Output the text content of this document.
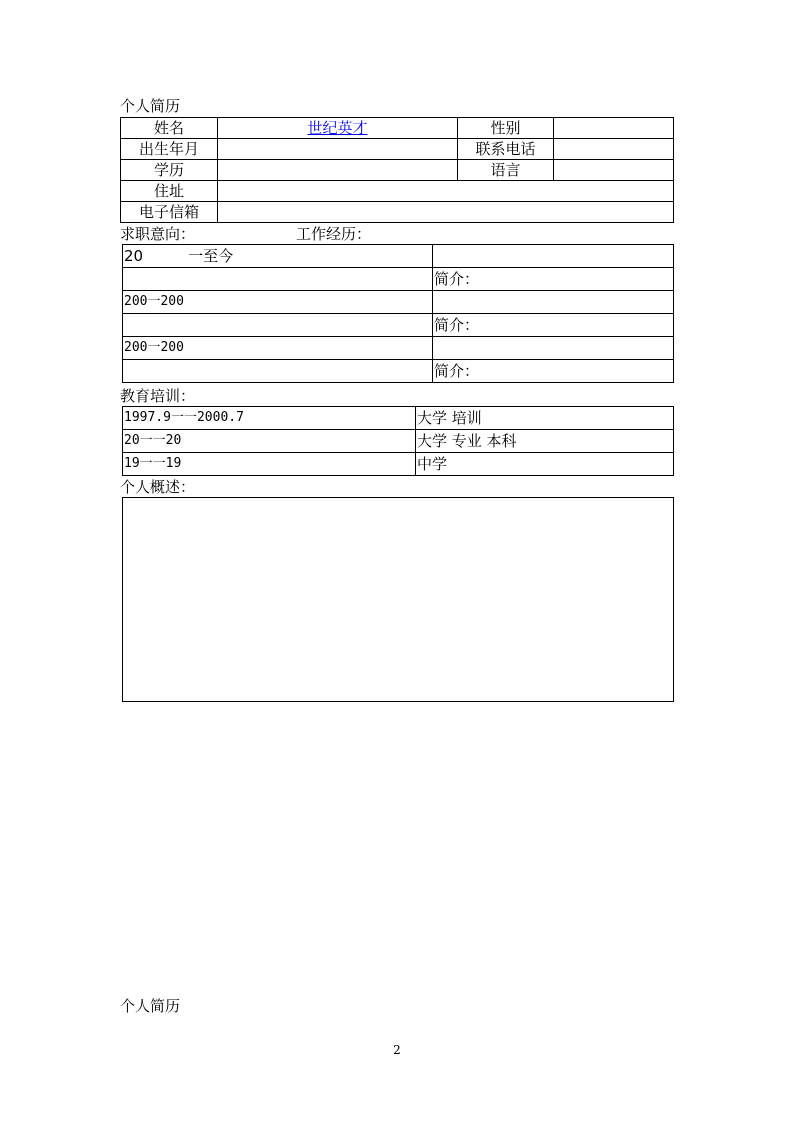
个人简历
姓名	世纪英才	性别	
出生年月		联系电话	
学历		语言	
住址			
电子信箱			
求职意向：	工作经历：
20　　　一至今	
	简介：
200一200	
	简介：
200一200	
	简介：
教育培训：
1997.9一一2000.7	大学 培训
20一一20	大学 专业 本科
19一一19	中学
个人概述：
个人简历
2
